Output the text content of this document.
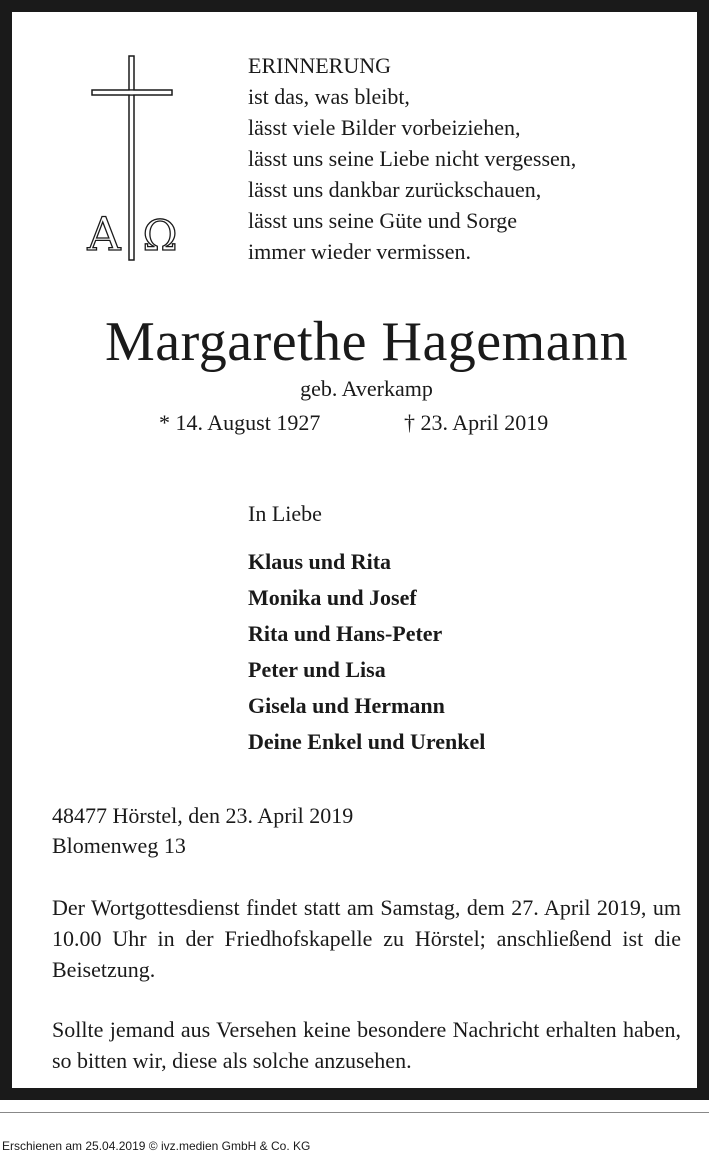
A Ω
ERINNERUNG
ist das, was bleibt,
lässt viele Bilder vorbeiziehen,
lässt uns seine Liebe nicht vergessen,
lässt uns dankbar zurückschauen,
lässt uns seine Güte und Sorge
immer wieder vermissen.
Margarethe Hagemann
geb. Averkamp
* 14. August 1927	† 23. April 2019
In Liebe
Klaus und Rita
Monika und Josef
Rita und Hans-Peter
Peter und Lisa
Gisela und Hermann
Deine Enkel und Urenkel
48477 Hörstel, den 23. April 2019
Blomenweg 13
Der Wortgottesdienst findet statt am Samstag, dem 27. April 2019, um 10.00 Uhr in der Friedhofskapelle zu Hörstel; anschließend ist die Beisetzung.
Sollte jemand aus Versehen keine besondere Nachricht erhalten haben, so bitten wir, diese als solche anzusehen.
Erschienen am 25.04.2019 © ivz.medien GmbH & Co. KG
